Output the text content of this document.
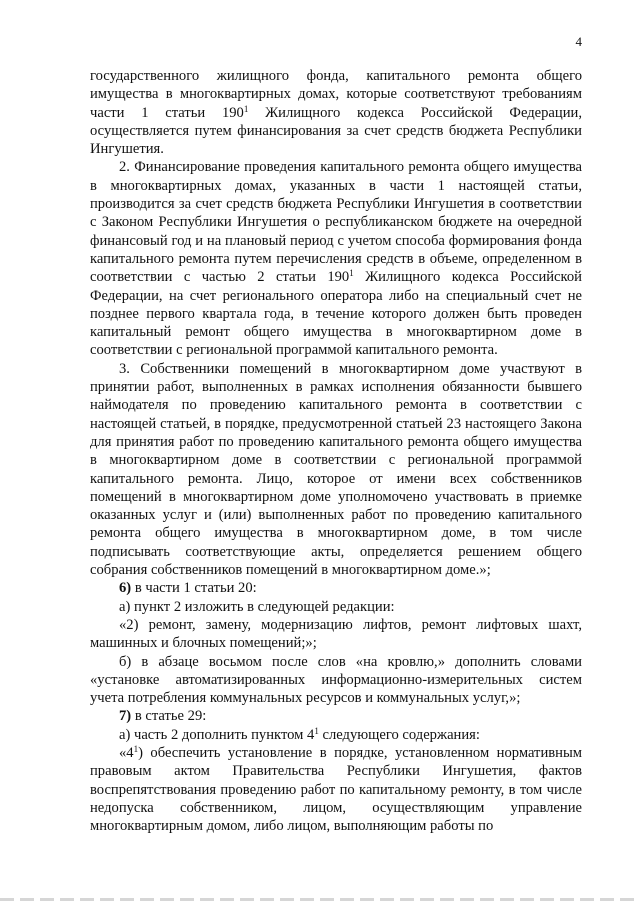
4

государственного жилищного фонда, капитального ремонта общего имущества в многоквартирных домах, которые соответствуют требованиям части 1 статьи $190^1$ Жилищного кодекса Российской Федерации, осуществляется путем финансирования за счет средств бюджета Республики Ингушетия.

2. Финансирование проведения капитального ремонта общего имущества в многоквартирных домах, указанных в части 1 настоящей статьи, производится за счет средств бюджета Республики Ингушетия в соответствии с Законом Республики Ингушетия о республиканском бюджете на очередной финансовый год и на плановый период с учетом способа формирования фонда капитального ремонта путем перечисления средств в объеме, определенном в соответствии с частью 2 статьи $190^1$ Жилищного кодекса Российской Федерации, на счет регионального оператора либо на специальный счет не позднее первого квартала года, в течение которого должен быть проведен капитальный ремонт общего имущества в многоквартирном доме в соответствии с региональной программой капитального ремонта.

3. Собственники помещений в многоквартирном доме участвуют в принятии работ, выполненных в рамках исполнения обязанности бывшего наймодателя по проведению капитального ремонта в соответствии с настоящей статьей, в порядке, предусмотренной статьей 23 настоящего Закона для принятия работ по проведению капитального ремонта общего имущества в многоквартирном доме в соответствии с региональной программой капитального ремонта. Лицо, которое от имени всех собственников помещений в многоквартирном доме уполномочено участвовать в приемке оказанных услуг и (или) выполненных работ по проведению капитального ремонта общего имущества в многоквартирном доме, в том числе подписывать соответствующие акты, определяется решением общего собрания собственников помещений в многоквартирном доме.»;

6) в части 1 статьи 20:

а) пункт 2 изложить в следующей редакции:

«2) ремонт, замену, модернизацию лифтов, ремонт лифтовых шахт, машинных и блочных помещений;»;

б) в абзаце восьмом после слов «на кровлю,» дополнить словами «установке автоматизированных информационно-измерительных систем учета потребления коммунальных ресурсов и коммунальных услуг,»;

7) в статье 29:

а) часть 2 дополнить пунктом $4^1$ следующего содержания:

«$4^1$) обеспечить установление в порядке, установленном нормативным правовым актом Правительства Республики Ингушетия, фактов воспрепятствования проведению работ по капитальному ремонту, в том числе недопуска собственником, лицом, осуществляющим управление многоквартирным домом, либо лицом, выполняющим работы по
